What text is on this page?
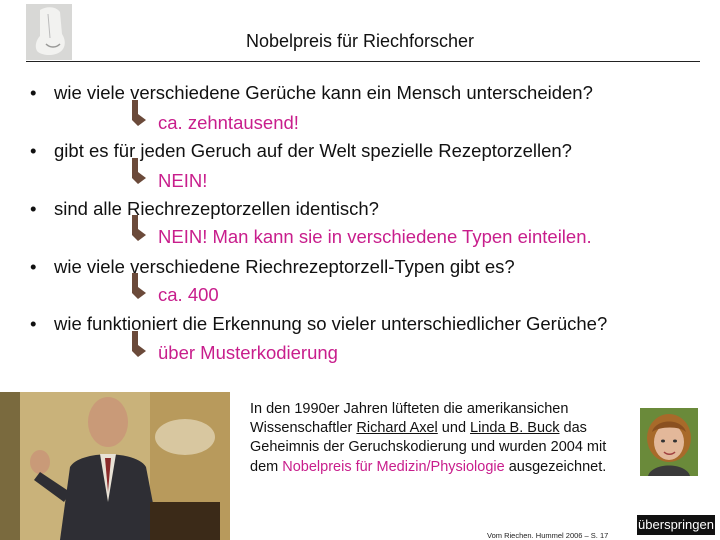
Nobelpreis für Riechforscher
• wie viele verschiedene Gerüche kann ein Mensch unterscheiden?
ca. zehntausend!
• gibt es für jeden Geruch auf der Welt spezielle Rezeptorzellen?
NEIN!
• sind alle Riechrezeptorzellen identisch?
NEIN! Man kann sie in verschiedene Typen einteilen.
• wie viele verschiedene Riechrezeptorzell-Typen gibt es?
ca. 400
• wie funktioniert die Erkennung so vieler unterschiedlicher Gerüche?
über Musterkodierung
In den 1990er Jahren lüfteten die amerikansichen Wissenschaftler Richard Axel und Linda B. Buck das Geheimnis der Geruchskodierung und wurden 2004 mit dem Nobelpreis für Medizin/Physiologie ausgezeichnet.
Vom Riechen. Hummel 2006 – S. 17
überspringen
